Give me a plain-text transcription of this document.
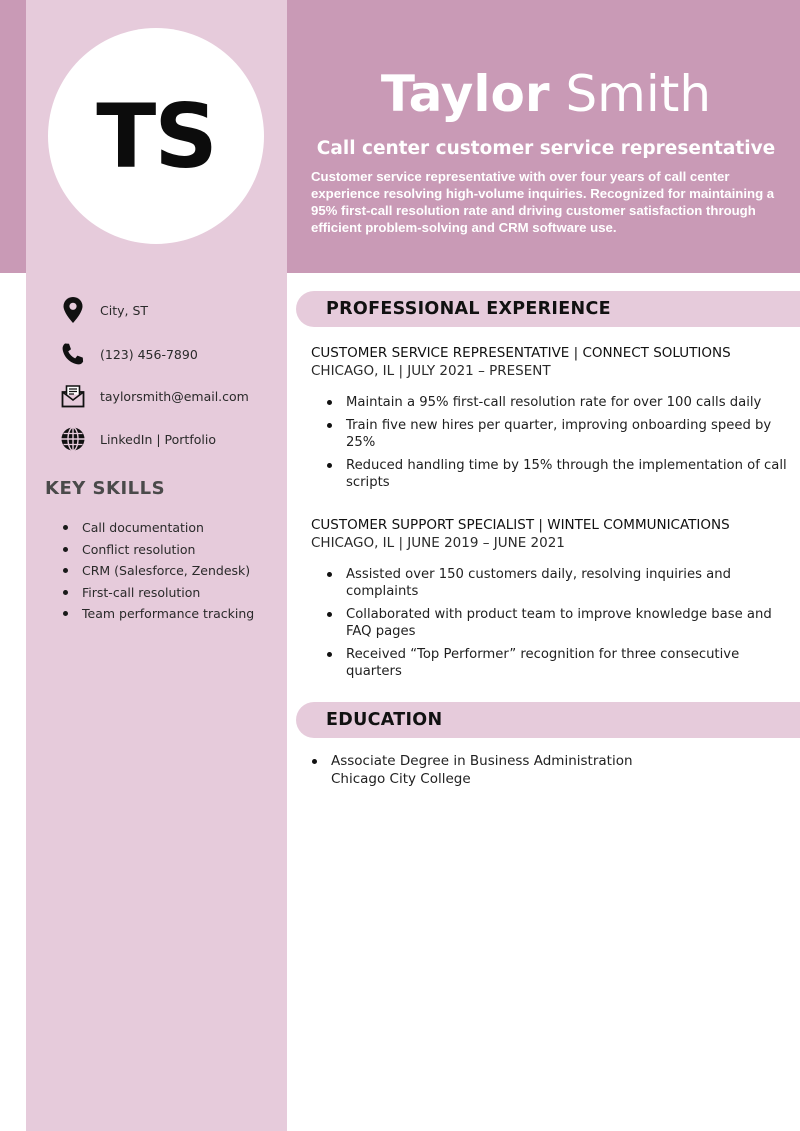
TS	Taylor Smith
Call center customer service representative
Customer service representative with over four years of call center experience resolving high-volume inquiries. Recognized for maintaining a 95% first-call resolution rate and driving customer satisfaction through efficient problem-solving and CRM software use.
City, ST
(123) 456-7890
taylorsmith@email.com
LinkedIn | Portfolio
KEY SKILLS
Call documentation
Conflict resolution
CRM (Salesforce, Zendesk)
First-call resolution
Team performance tracking
PROFESSIONAL EXPERIENCE
CUSTOMER SERVICE REPRESENTATIVE | CONNECT SOLUTIONS
CHICAGO, IL | JULY 2021 – PRESENT
Maintain a 95% first-call resolution rate for over 100 calls daily
Train five new hires per quarter, improving onboarding speed by 25%
Reduced handling time by 15% through the implementation of call scripts
CUSTOMER SUPPORT SPECIALIST | WINTEL COMMUNICATIONS
CHICAGO, IL | JUNE 2019 – JUNE 2021
Assisted over 150 customers daily, resolving inquiries and complaints
Collaborated with product team to improve knowledge base and FAQ pages
Received “Top Performer” recognition for three consecutive quarters
EDUCATION
Associate Degree in Business Administration
Chicago City College
